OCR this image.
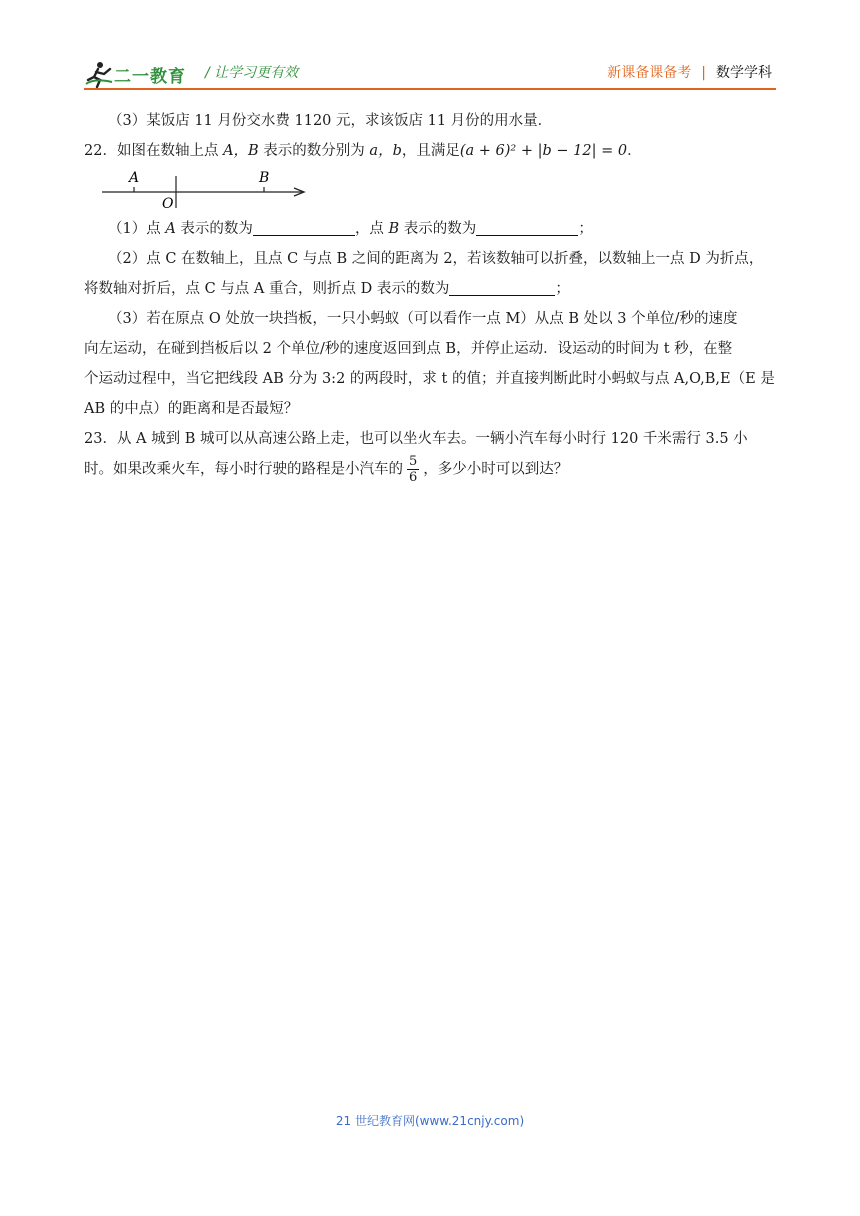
二一教育 / 让学习更有效	新课备课备考 | 数学学科

（3）某饭店 11 月份交水费 1120 元，求该饭店 11 月份的用水量．

22．如图在数轴上点 A，B 表示的数分别为 a，b，且满足(a + 6)² + |b − 12| = 0．

A
O
B

（1）点 A 表示的数为	，点 B 表示的数为	；

（2）点 C 在数轴上，且点 C 与点 B 之间的距离为 2，若该数轴可以折叠，以数轴上一点 D 为折点，

将数轴对折后，点 C 与点 A 重合，则折点 D 表示的数为	；

（3）若在原点 O 处放一块挡板，一只小蚂蚁（可以看作一点 M）从点 B 处以 3 个单位/秒的速度

向左运动，在碰到挡板后以 2 个单位/秒的速度返回到点 B，并停止运动．设运动的时间为 t 秒，在整

个运动过程中，当它把线段 AB 分为 3:2 的两段时，求 t 的值；并直接判断此时小蚂蚁与点 A,O,B,E（E 是

AB 的中点）的距离和是否最短？

23．从 A 城到 B 城可以从高速公路上走，也可以坐火车去。一辆小汽车每小时行 120 千米需行 3.5 小

时。如果改乘火车，每小时行驶的路程是小汽车的 $\frac{5}{6}$ ，多少小时可以到达？

21 世纪教育网(www.21cnjy.com)
